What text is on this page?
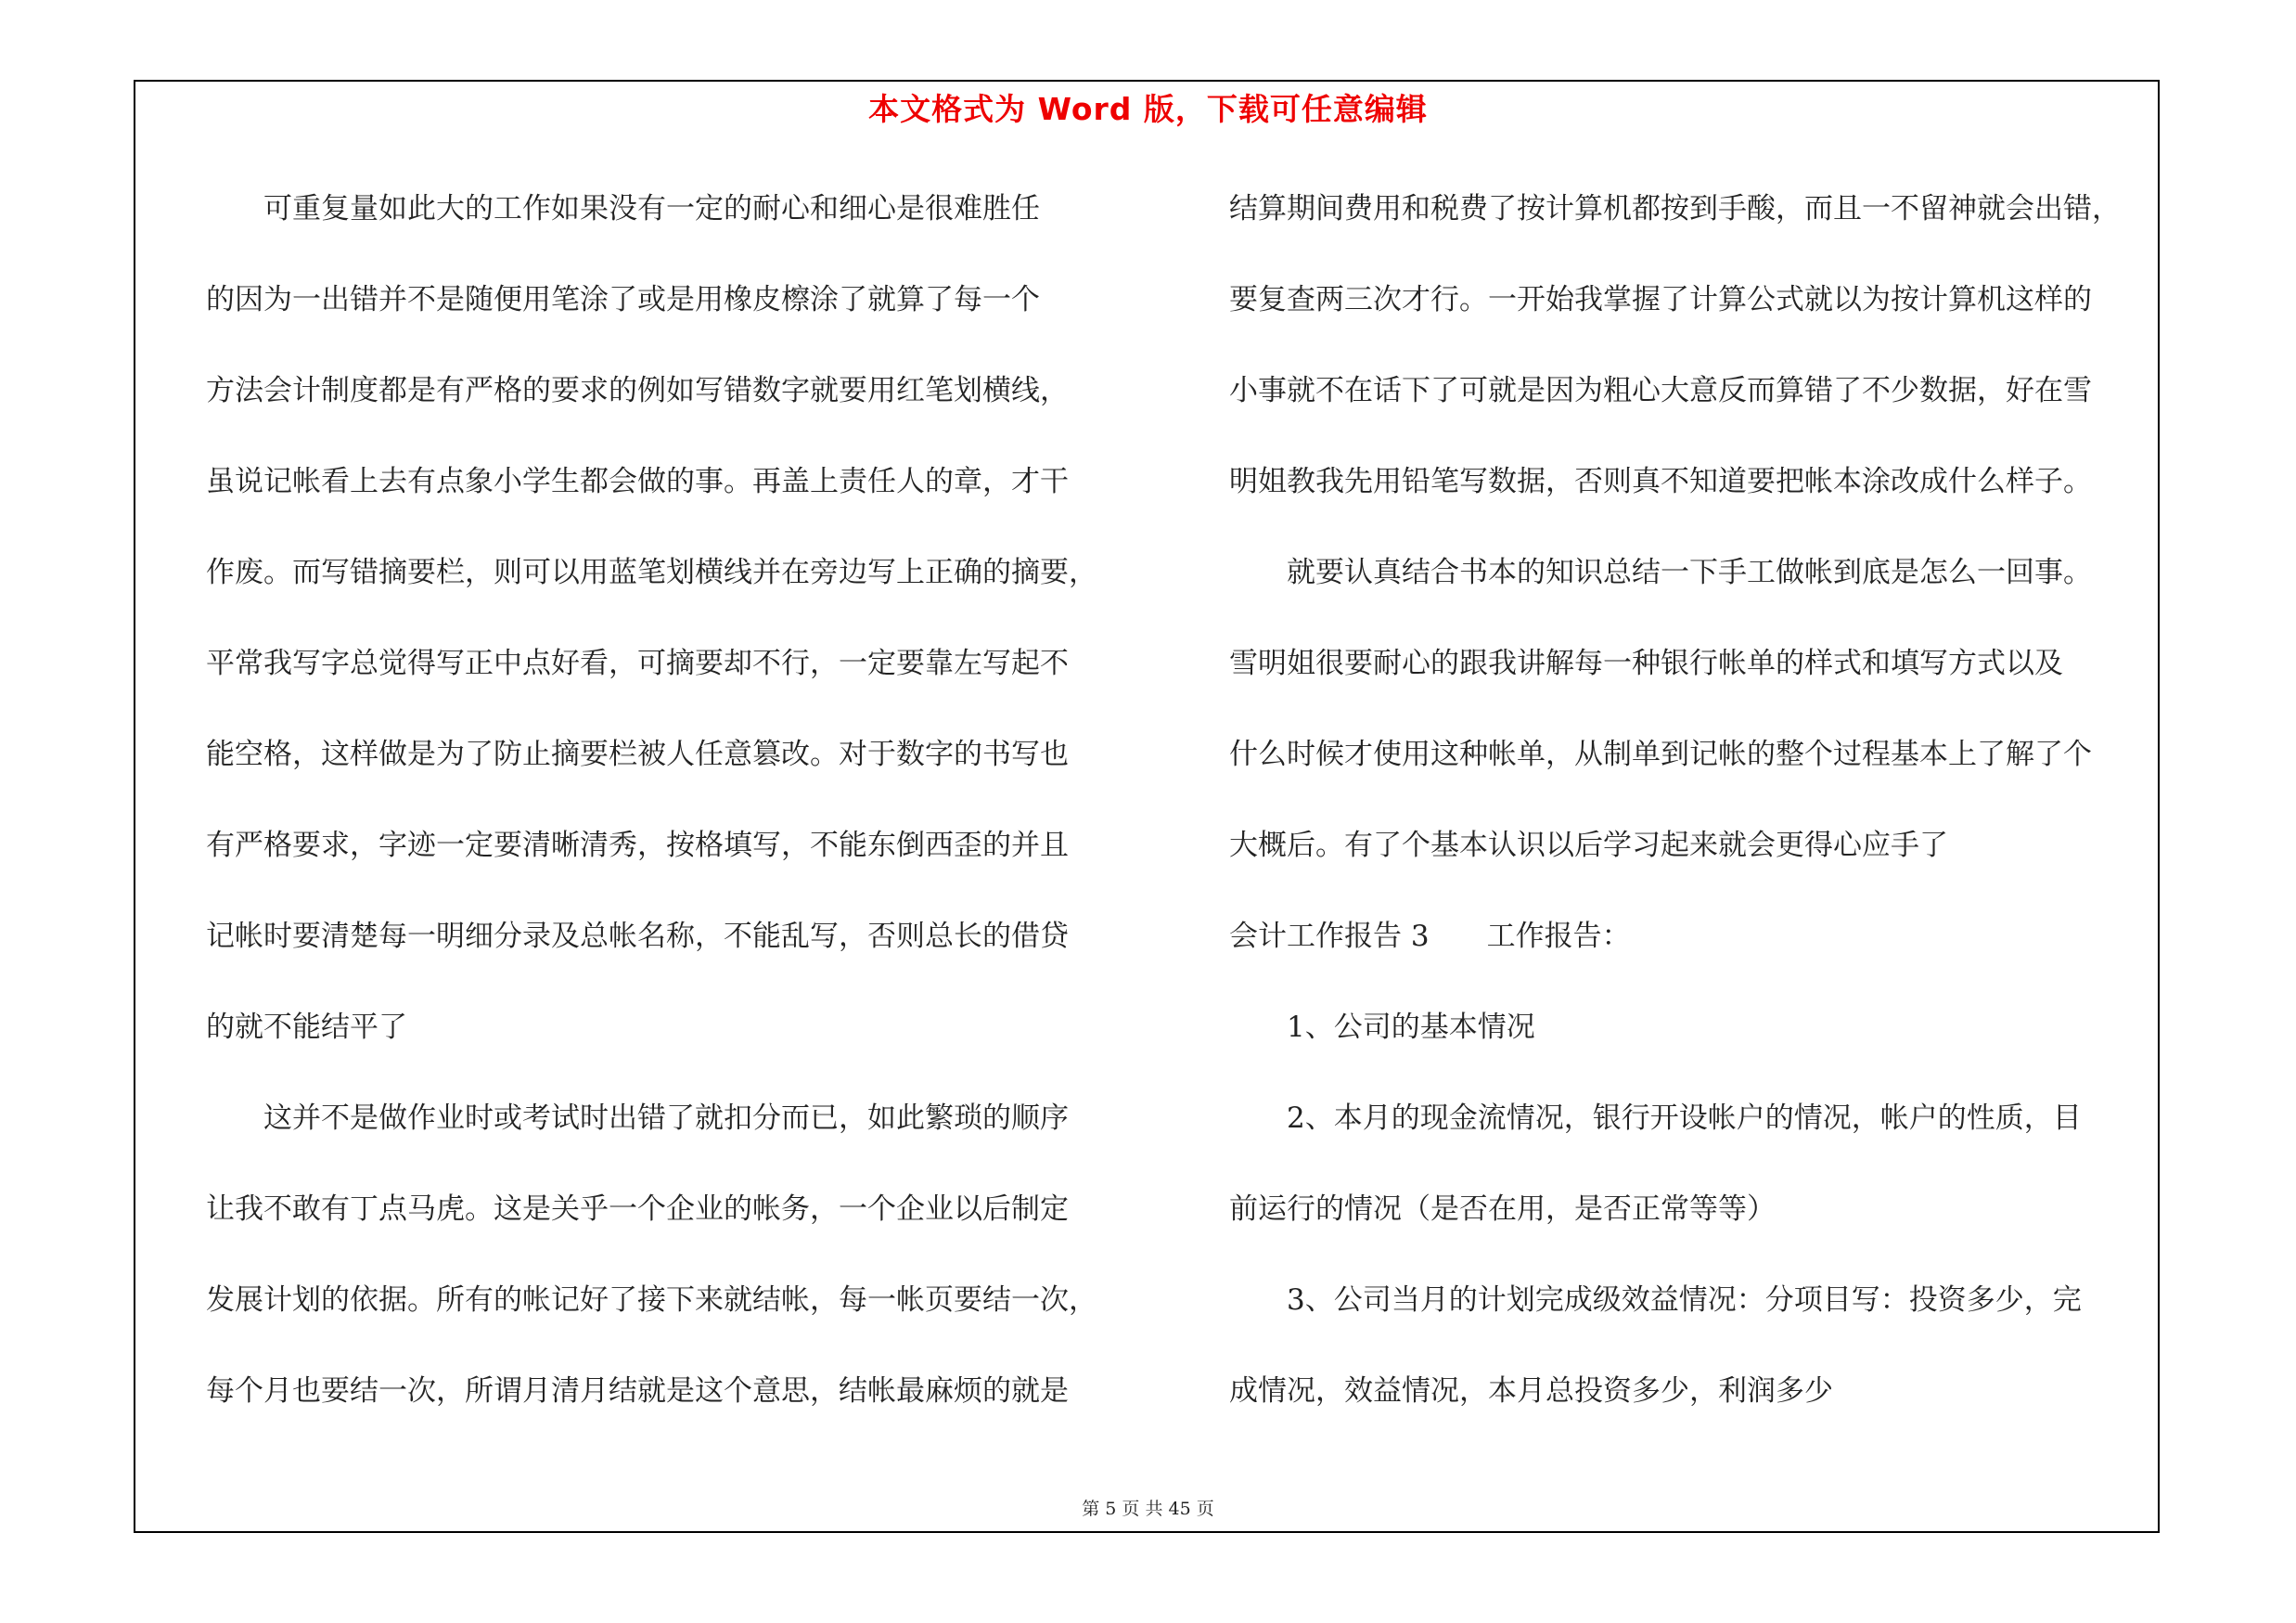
本文格式为 Word 版，下载可任意编辑
　　可重复量如此大的工作如果没有一定的耐心和细心是很难胜任
的因为一出错并不是随便用笔涂了或是用橡皮檫涂了就算了每一个
方法会计制度都是有严格的要求的例如写错数字就要用红笔划横线，
虽说记帐看上去有点象小学生都会做的事。再盖上责任人的章，才干
作废。而写错摘要栏，则可以用蓝笔划横线并在旁边写上正确的摘要，
平常我写字总觉得写正中点好看，可摘要却不行，一定要靠左写起不
能空格，这样做是为了防止摘要栏被人任意篡改。对于数字的书写也
有严格要求，字迹一定要清晰清秀，按格填写，不能东倒西歪的并且
记帐时要清楚每一明细分录及总帐名称，不能乱写，否则总长的借贷
的就不能结平了
　　这并不是做作业时或考试时出错了就扣分而已，如此繁琐的顺序
让我不敢有丁点马虎。这是关乎一个企业的帐务，一个企业以后制定
发展计划的依据。所有的帐记好了接下来就结帐，每一帐页要结一次，
每个月也要结一次，所谓月清月结就是这个意思，结帐最麻烦的就是
结算期间费用和税费了按计算机都按到手酸，而且一不留神就会出错，
要复查两三次才行。一开始我掌握了计算公式就以为按计算机这样的
小事就不在话下了可就是因为粗心大意反而算错了不少数据，好在雪
明姐教我先用铅笔写数据，否则真不知道要把帐本涂改成什么样子。
　　就要认真结合书本的知识总结一下手工做帐到底是怎么一回事。
雪明姐很要耐心的跟我讲解每一种银行帐单的样式和填写方式以及
什么时候才使用这种帐单，从制单到记帐的整个过程基本上了解了个
大概后。有了个基本认识以后学习起来就会更得心应手了
会计工作报告 3　　工作报告：
　　1、公司的基本情况
　　2、本月的现金流情况，银行开设帐户的情况，帐户的性质，目
前运行的情况（是否在用，是否正常等等）
　　3、公司当月的计划完成级效益情况：分项目写：投资多少，完
成情况，效益情况，本月总投资多少，利润多少
第 5 页 共 45 页
